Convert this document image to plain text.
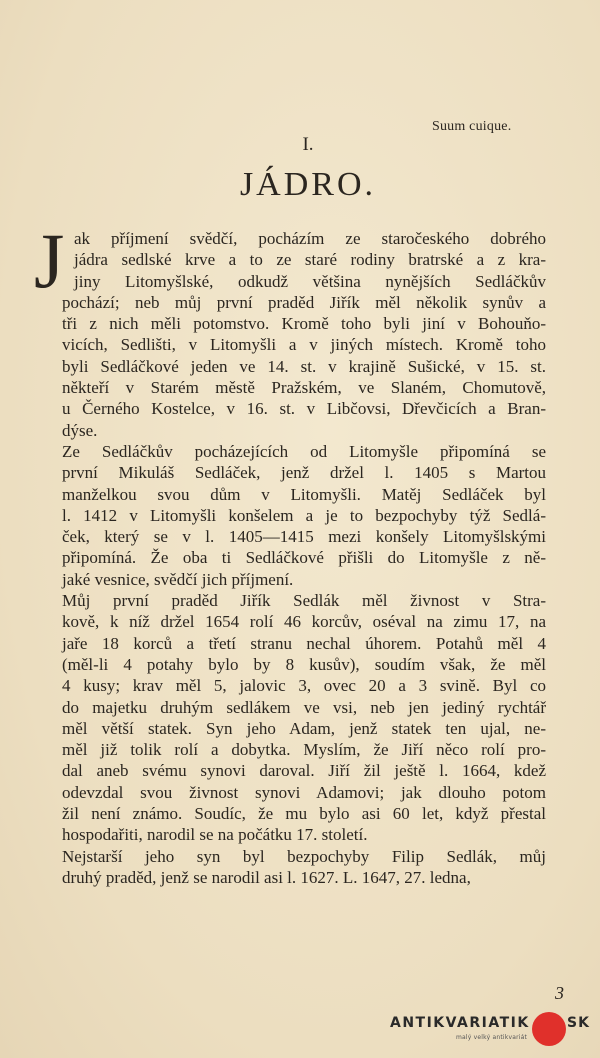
Suum cuique.
I.
JÁDRO.
J ak příjmení svědčí, pocházím ze staročeského dobrého
jádra sedlské krve a to ze staré rodiny bratrské a z kra-
jiny Litomyšlské, odkudž většina nynějších Sedláčkův
pochází; neb můj první praděd Jiřík měl několik synův a
tři z nich měli potomstvo. Kromě toho byli jiní v Bohouňo-
vicích, Sedlišti, v Litomyšli a v jiných místech. Kromě toho
byli Sedláčkové jeden ve 14. st. v krajině Sušické, v 15. st.
někteří v Starém městě Pražském, ve Slaném, Chomutově,
u Černého Kostelce, v 16. st. v Libčovsi, Dřevčicích a Bran-
dýse.
Ze Sedláčkův pocházejících od Litomyšle připomíná se
první Mikuláš Sedláček, jenž držel l. 1405 s Martou
manželkou svou dům v Litomyšli. Matěj Sedláček byl
l. 1412 v Litomyšli konšelem a je to bezpochyby týž Sedlá-
ček, který se v l. 1405—1415 mezi konšely Litomyšlskými
připomíná. Že oba ti Sedláčkové přišli do Litomyšle z ně-
jaké vesnice, svědčí jich příjmení.
Můj první praděd Jiřík Sedlák měl živnost v Stra-
kově, k níž držel 1654 rolí 46 korcův, oséval na zimu 17, na
jaře 18 korců a třetí stranu nechal úhorem. Potahů měl 4
(měl-li 4 potahy bylo by 8 kusův), soudím však, že měl
4 kusy; krav měl 5, jalovic 3, ovec 20 a 3 svině. Byl co
do majetku druhým sedlákem ve vsi, neb jen jediný rychtář
měl větší statek. Syn jeho Adam, jenž statek ten ujal, ne-
měl již tolik rolí a dobytka. Myslím, že Jiří něco rolí pro-
dal aneb svému synovi daroval. Jiří žil ještě l. 1664, kdež
odevzdal svou živnost synovi Adamovi; jak dlouho potom
žil není známo. Soudíc, že mu bylo asi 60 let, když přestal
hospodařiti, narodil se na počátku 17. století.
Nejstarší jeho syn byl bezpochyby Filip Sedlák, můj
druhý praděd, jenž se narodil asi l. 1627. L. 1647, 27. ledna,
3
ANTIKVARIATIK	SK
malý velký antikvariát
